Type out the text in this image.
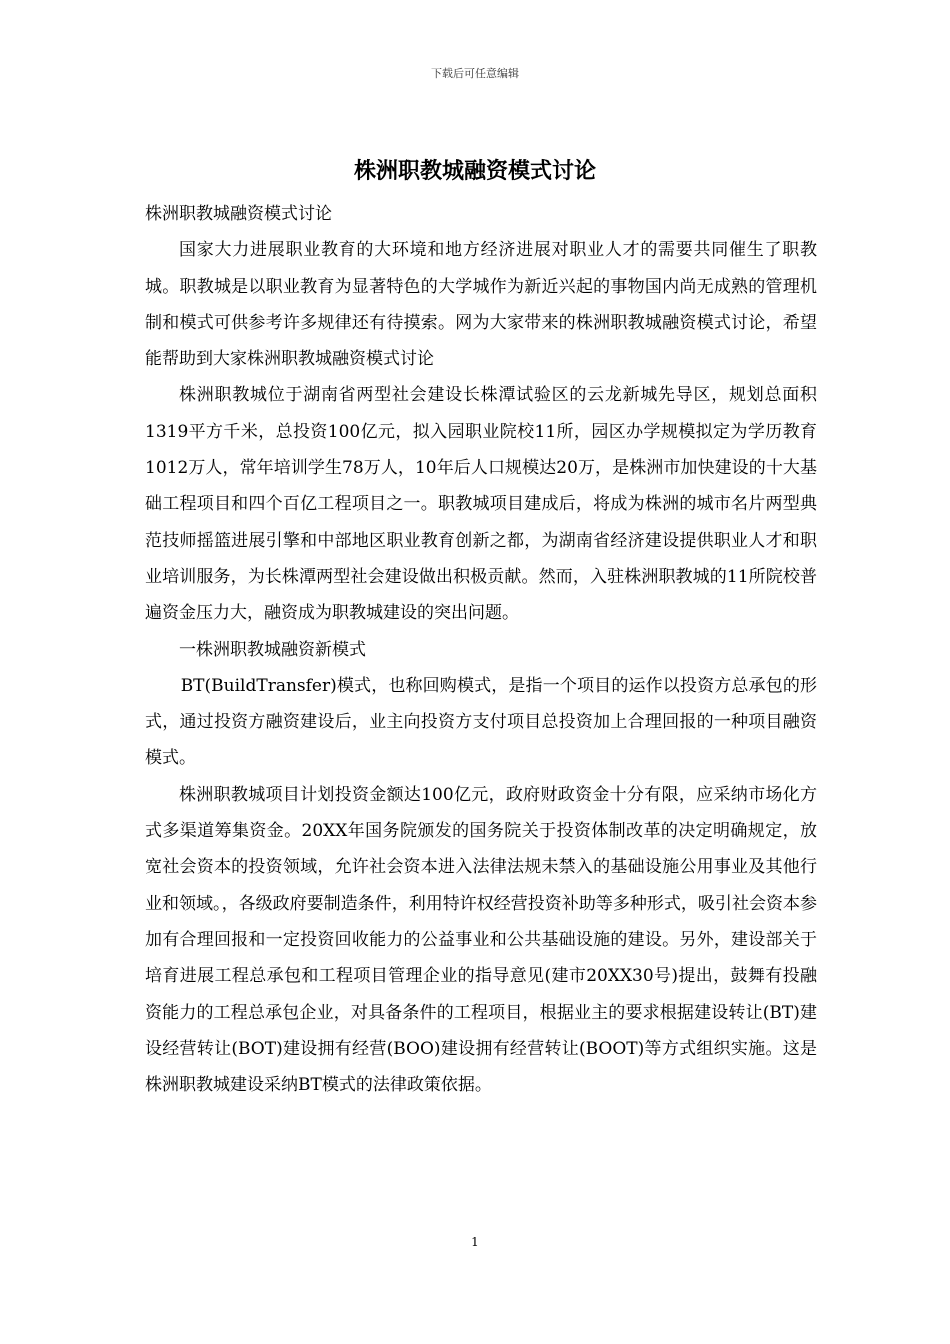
下载后可任意编辑
株洲职教城融资模式讨论

株洲职教城融资模式讨论

国家大力进展职业教育的大环境和地方经济进展对职业人才的需要共同催生了职教城。职教城是以职业教育为显著特色的大学城作为新近兴起的事物国内尚无成熟的管理机制和模式可供参考许多规律还有待摸索。网为大家带来的株洲职教城融资模式讨论，希望能帮助到大家株洲职教城融资模式讨论

株洲职教城位于湖南省两型社会建设长株潭试验区的云龙新城先导区，规划总面积1319平方千米，总投资100亿元，拟入园职业院校11所，园区办学规模拟定为学历教育1012万人，常年培训学生78万人，10年后人口规模达20万，是株洲市加快建设的十大基础工程项目和四个百亿工程项目之一。职教城项目建成后，将成为株洲的城市名片两型典范技师摇篮进展引擎和中部地区职业教育创新之都，为湖南省经济建设提供职业人才和职业培训服务，为长株潭两型社会建设做出积极贡献。然而，入驻株洲职教城的11所院校普遍资金压力大，融资成为职教城建设的突出问题。

一株洲职教城融资新模式

BT(BuildTransfer)模式，也称回购模式，是指一个项目的运作以投资方总承包的形式，通过投资方融资建设后，业主向投资方支付项目总投资加上合理回报的一种项目融资模式。

株洲职教城项目计划投资金额达100亿元，政府财政资金十分有限，应采纳市场化方式多渠道筹集资金。20XX年国务院颁发的国务院关于投资体制改革的决定明确规定，放宽社会资本的投资领域，允许社会资本进入法律法规未禁入的基础设施公用事业及其他行业和领域。，各级政府要制造条件，利用特许权经营投资补助等多种形式，吸引社会资本参加有合理回报和一定投资回收能力的公益事业和公共基础设施的建设。另外，建设部关于培育进展工程总承包和工程项目管理企业的指导意见(建市20XX30号)提出，鼓舞有投融资能力的工程总承包企业，对具备条件的工程项目，根据业主的要求根据建设转让(BT)建设经营转让(BOT)建设拥有经营(BOO)建设拥有经营转让(BOOT)等方式组织实施。这是株洲职教城建设采纳BT模式的法律政策依据。

1
